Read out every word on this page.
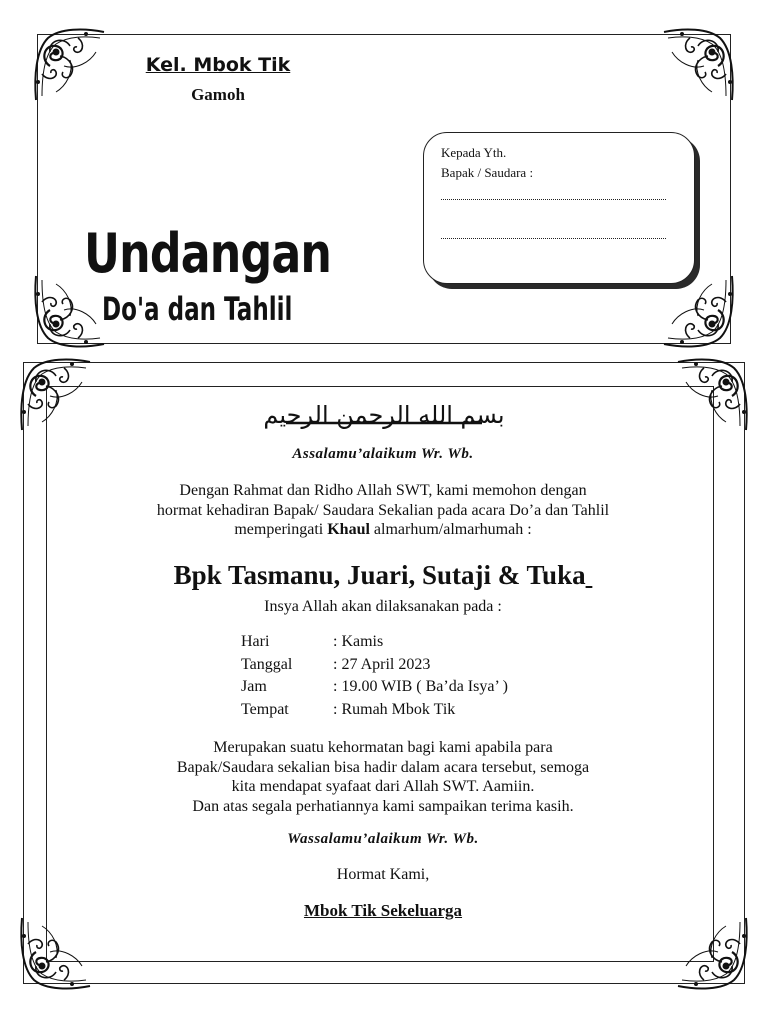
Kel. Mbok Tik
Gamoh
Kepada Yth.
Bapak / Saudara :
Undangan
Do'a dan Tahlil
بسم الله الرحمن الرحيم
Assalamu’alaikum Wr. Wb.
Dengan Rahmat dan Ridho Allah SWT, kami memohon dengan
hormat kehadiran Bapak/ Saudara Sekalian pada acara Do’a dan Tahlil
memperingati Khaul almarhum/almarhumah :
Bpk Tasmanu, Juari, Sutaji & Tuka
Insya Allah akan dilaksanakan pada :
Hari	: Kamis
Tanggal	: 27 April 2023
Jam	: 19.00 WIB ( Ba’da Isya’ )
Tempat	: Rumah Mbok Tik
Merupakan suatu kehormatan bagi kami apabila para
Bapak/Saudara sekalian bisa hadir dalam acara tersebut, semoga
kita mendapat syafaat dari Allah SWT. Aamiin.
Dan atas segala perhatiannya kami sampaikan terima kasih.
Wassalamu’alaikum Wr. Wb.
Hormat Kami,
Mbok Tik Sekeluarga
